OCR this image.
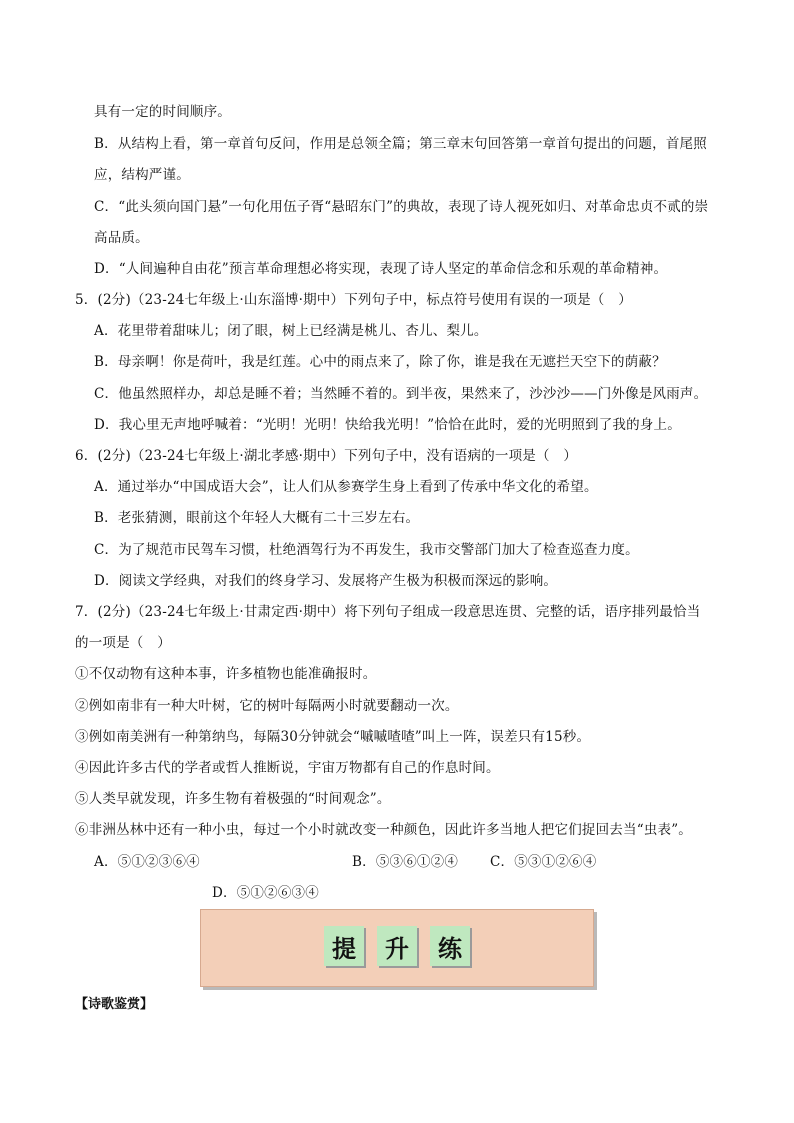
具有一定的时间顺序。
B．从结构上看，第一章首句反问，作用是总领全篇；第三章末句回答第一章首句提出的问题，首尾照
应，结构严谨。
C．“此头须向国门悬”一句化用伍子胥“悬昭东门”的典故，表现了诗人视死如归、对革命忠贞不贰的崇
高品质。
D．“人间遍种自由花”预言革命理想必将实现，表现了诗人坚定的革命信念和乐观的革命精神。
5．(2分)（23-24七年级上·山东淄博·期中）下列句子中，标点符号使用有误的一项是（　）
A．花里带着甜味儿；闭了眼，树上已经满是桃儿、杏儿、梨儿。
B．母亲啊！你是荷叶，我是红莲。心中的雨点来了，除了你，谁是我在无遮拦天空下的荫蔽？
C．他虽然照样办，却总是睡不着；当然睡不着的。到半夜，果然来了，沙沙沙——门外像是风雨声。
D．我心里无声地呼喊着：“光明！光明！快给我光明！”恰恰在此时，爱的光明照到了我的身上。
6．(2分)（23-24七年级上·湖北孝感·期中）下列句子中，没有语病的一项是（　）
A．通过举办“中国成语大会”，让人们从参赛学生身上看到了传承中华文化的希望。
B．老张猜测，眼前这个年轻人大概有二十三岁左右。
C．为了规范市民驾车习惯，杜绝酒驾行为不再发生，我市交警部门加大了检查巡查力度。
D．阅读文学经典，对我们的终身学习、发展将产生极为积极而深远的影响。
7．(2分)（23-24七年级上·甘肃定西·期中）将下列句子组成一段意思连贯、完整的话，语序排列最恰当
的一项是（　）
①不仅动物有这种本事，许多植物也能准确报时。
②例如南非有一种大叶树，它的树叶每隔两小时就要翻动一次。
③例如南美洲有一种第纳鸟，每隔30分钟就会“嘁嘁喳喳”叫上一阵，误差只有15秒。
④因此许多古代的学者或哲人推断说，宇宙万物都有自己的作息时间。
⑤人类早就发现，许多生物有着极强的“时间观念”。
⑥非洲丛林中还有一种小虫，每过一个小时就改变一种颜色，因此许多当地人把它们捉回去当“虫表”。
A．⑤①②③⑥④	B．⑤③⑥①②④ C．⑤③①②⑥④
D．⑤①②⑥③④
提	升	练
【诗歌鉴赏】
